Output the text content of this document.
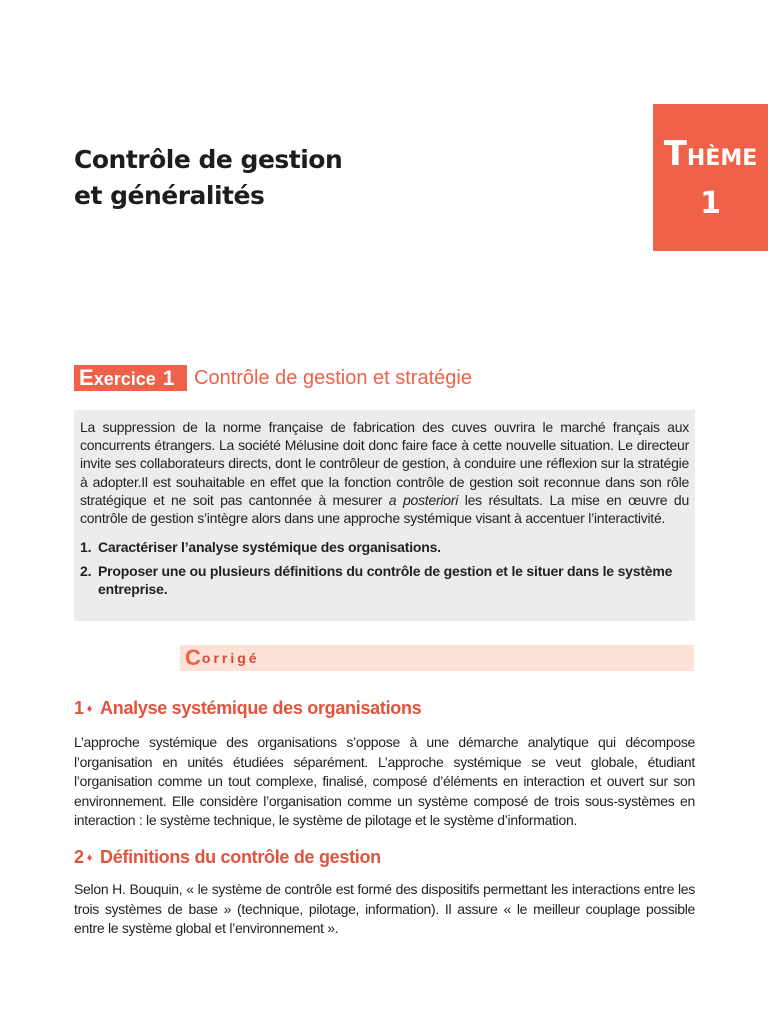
Contrôle de gestion
et généralités
THÈME
1
Exercice 1 Contrôle de gestion et stratégie

La suppression de la norme française de fabrication des cuves ouvrira le marché français aux concurrents étrangers. La société Mélusine doit donc faire face à cette nouvelle situation. Le directeur invite ses collaborateurs directs, dont le contrôleur de gestion, à conduire une réflexion sur la stratégie à adopter.Il est souhaitable en effet que la fonction contrôle de gestion soit reconnue dans son rôle stratégique et ne soit pas cantonnée à mesurer a posteriori les résultats. La mise en œuvre du contrôle de gestion s’intègre alors dans une approche systémique visant à accentuer l’interactivité.

1. Caractériser l’analyse systémique des organisations.
2. Proposer une ou plusieurs définitions du contrôle de gestion et le situer dans le système entreprise.
C orrigé
1 ♦ Analyse systémique des organisations

L’approche systémique des organisations s’oppose à une démarche analytique qui décompose l’organisation en unités étudiées séparément. L’approche systémique se veut globale, étudiant l’organisation comme un tout complexe, finalisé, composé d’éléments en interaction et ouvert sur son environnement. Elle considère l’organisation comme un système composé de trois sous-systèmes en interaction : le système technique, le système de pilotage et le système d’information.

2 ♦ Définitions du contrôle de gestion

Selon H. Bouquin, « le système de contrôle est formé des dispositifs permettant les interactions entre les trois systèmes de base » (technique, pilotage, information). Il assure « le meilleur couplage possible entre le système global et l’environnement ».
